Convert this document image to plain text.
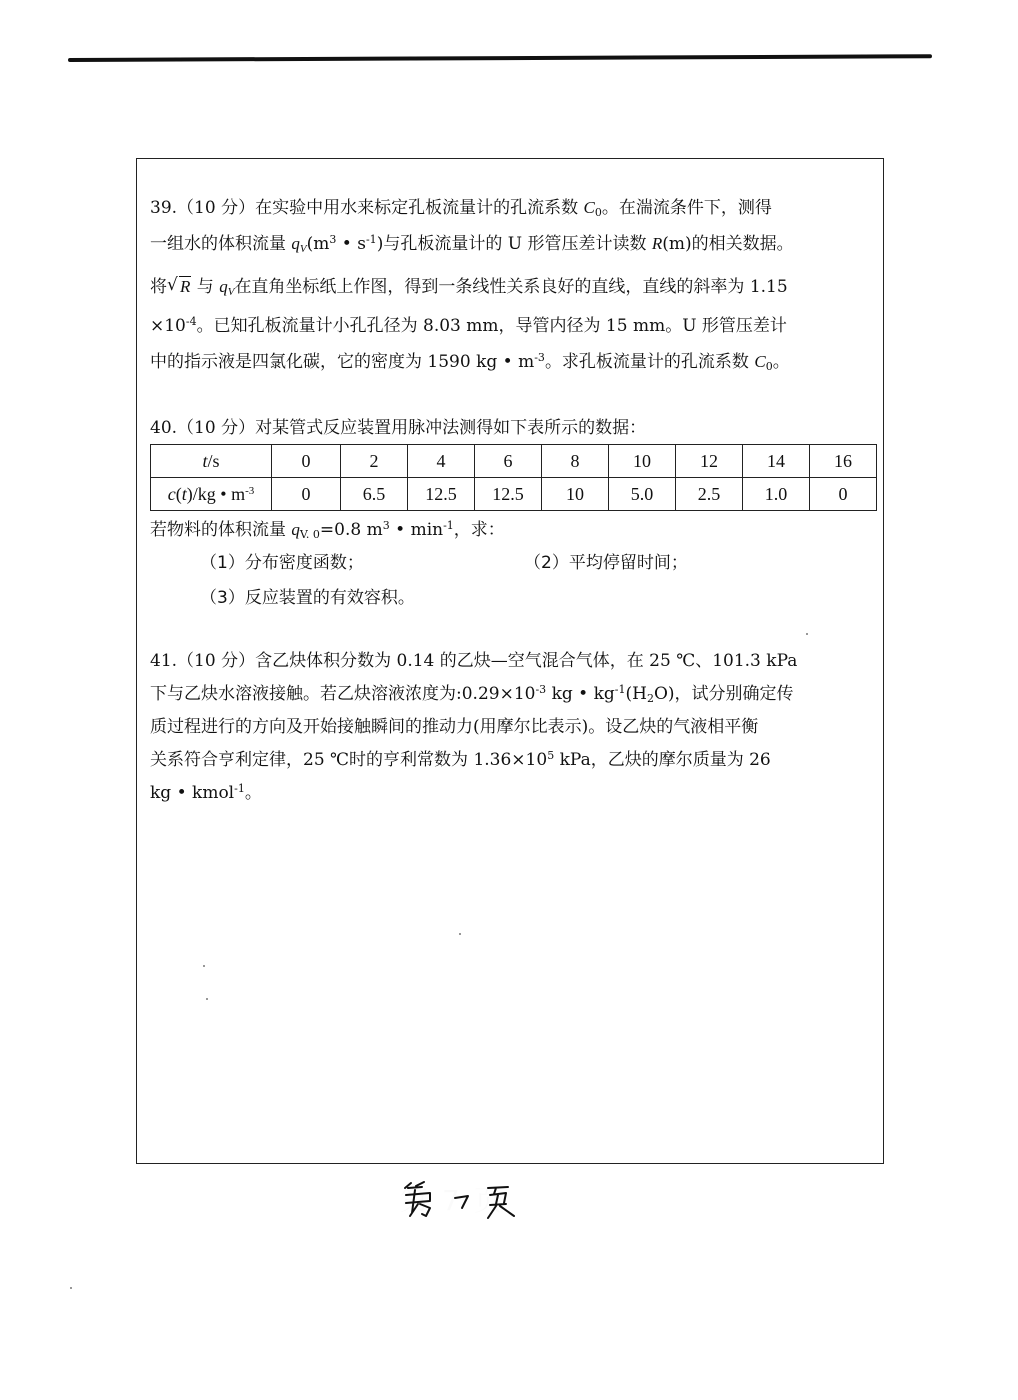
39.（10 分）在实验中用水来标定孔板流量计的孔流系数 $C_0$。在湍流条件下，测得
一组水的体积流量 $q_V(m^3$ • $s^{-1}$)与孔板流量计的 U 形管压差计读数 R(m)的相关数据。
将 √ R 与 $q_V$在直角坐标纸上作图，得到一条线性关系良好的直线，直线的斜率为 1.15
$\times 10^{-4}$。已知孔板流量计小孔孔径为 8.03 mm，导管内径为 15 mm。U 形管压差计
中的指示液是四氯化碳，它的密度为 1590 kg • $m^{-3}$。求孔板流量计的孔流系数 $C_0$。
40.（10 分）对某管式反应装置用脉冲法测得如下表所示的数据：
t/s	0	2	4	6	8	10	12	14	16
c(t)/kg • $m^{-3}$	0	6.5	12.5	12.5	10	5.0	2.5	1.0	0
若物料的体积流量 $q_{V. 0}=0.8$ $m^3$ • $\min^{-1}$，求：
（1）分布密度函数；	（2）平均停留时间；
（3）反应装置的有效容积。
41.（10 分）含乙炔体积分数为 0.14 的乙炔—空气混合气体，在 25 ℃、101.3 kPa
下与乙炔水溶液接触。若乙炔溶液浓度为$:0.29\times 10^{-3}$ kg • $kg^{-1}(H_2O)$，试分别确定传
质过程进行的方向及开始接触瞬间的推动力(用摩尔比表示)。设乙炔的气液相平衡
关系符合亨利定律，25 ℃时的亨利常数为 $1.36\times 10^5$ kPa，乙炔的摩尔质量为 26
kg • kmol$^{-1}$。
